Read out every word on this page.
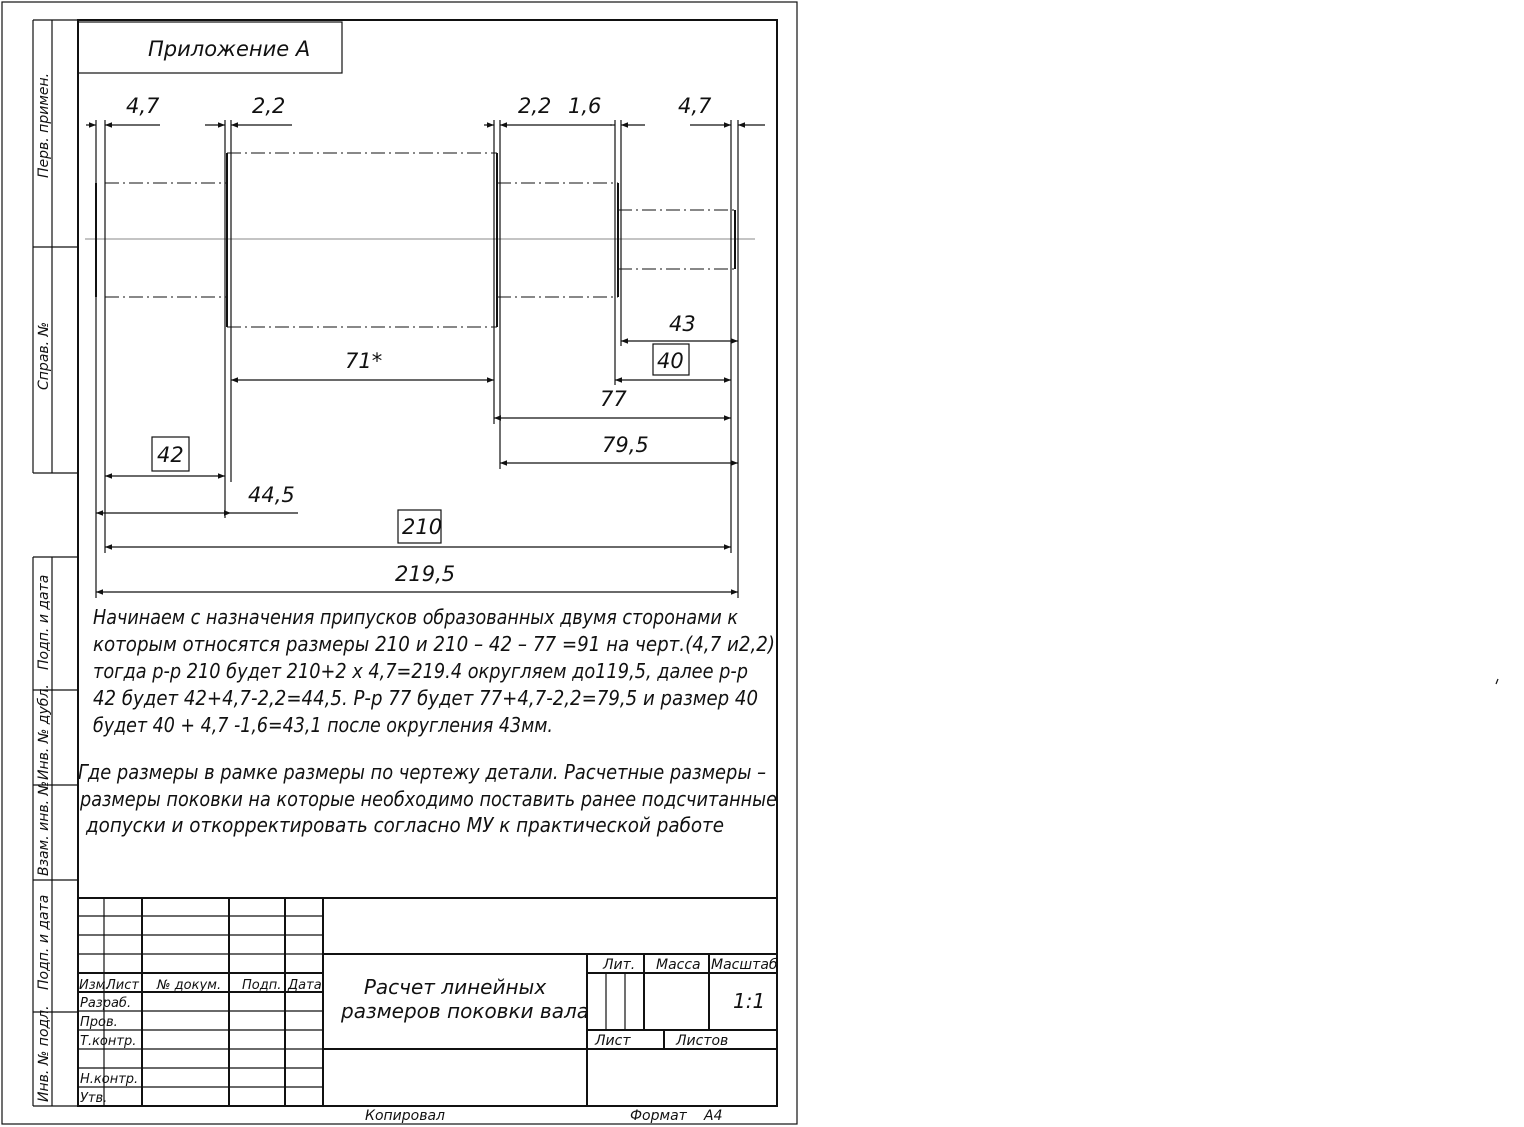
Перв. примен.
Справ. №
Подп. и дата
Инв. № дубл.
Взам. инв. №
Подп. и дата
Инв. № подл.
Приложение А
4,7	2,2	2,2 1,6	4,7
43
40
71*
77
79,5
42
44,5
210
219,5
Начинаем с назначения припусков образованных двумя сторонами к
которым относятся размеры 210 и 210 – 42 – 77 =91 на черт.(4,7 и2,2)
тогда р-р 210 будет 210+2 х 4,7=219.4 округляем до119,5, далее р-р
42 будет 42+4,7-2,2=44,5. Р-р 77 будет 77+4,7-2,2=79,5 и размер 40
будет 40 + 4,7 -1,6=43,1 после округления 43мм.
Где размеры в рамке размеры по чертежу детали. Расчетные размеры –
размеры поковки на которые необходимо поставить ранее подсчитанные
допуски и откорректировать согласно МУ к практической работе
Изм.
Лист № докум. Подп. Дата
Разраб.
Пров.
Т.контр.
Н.контр.
Утв.
Расчет линейных
размеров поковки вала
Лит. Масса Масштаб
1:1
Лист	Листов
Копировал	Формат А4
